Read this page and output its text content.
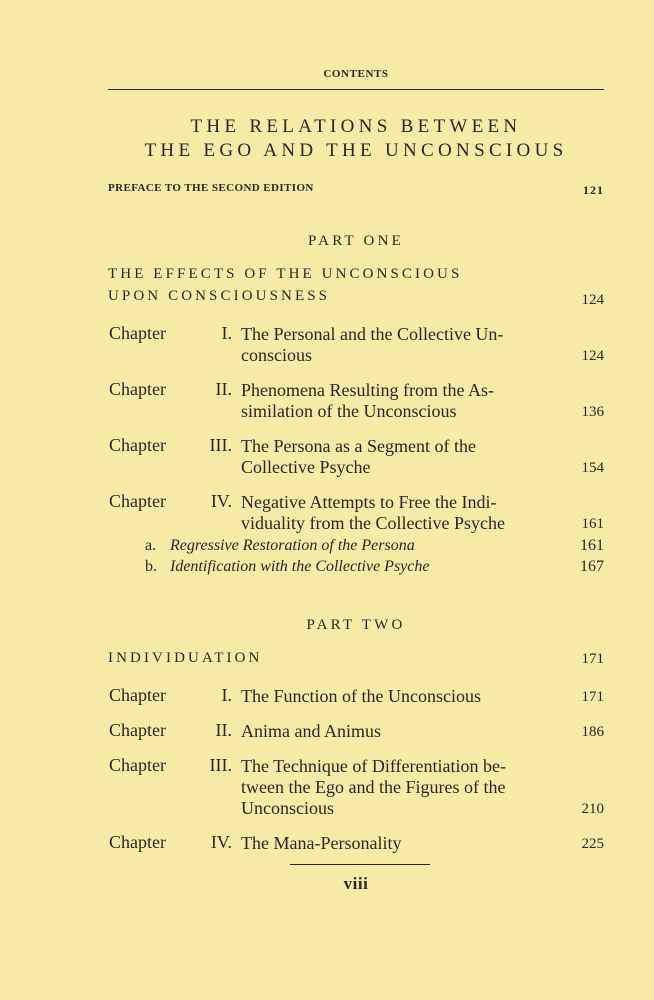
CONTENTS
THE RELATIONS BETWEEN
THE EGO AND THE UNCONSCIOUS
PREFACE TO THE SECOND EDITION	121
PART ONE
THE EFFECTS OF THE UNCONSCIOUS
UPON CONSCIOUSNESS	124
Chapter	I. The Personal and the Collective Un-
conscious	124
Chapter	II. Phenomena Resulting from the As-
similation of the Unconscious	136
Chapter	III. The Persona as a Segment of the
Collective Psyche	154
Chapter	IV. Negative Attempts to Free the Indi-
viduality from the Collective Psyche	161
a. Regressive Restoration of the Persona	161
b. Identification with the Collective Psyche	167
PART TWO
INDIVIDUATION	171
Chapter	I. The Function of the Unconscious	171
Chapter	II. Anima and Animus	186
Chapter	III. The Technique of Differentiation be-
tween the Ego and the Figures of the
Unconscious	210
Chapter	IV. The Mana-Personality	225
viii
